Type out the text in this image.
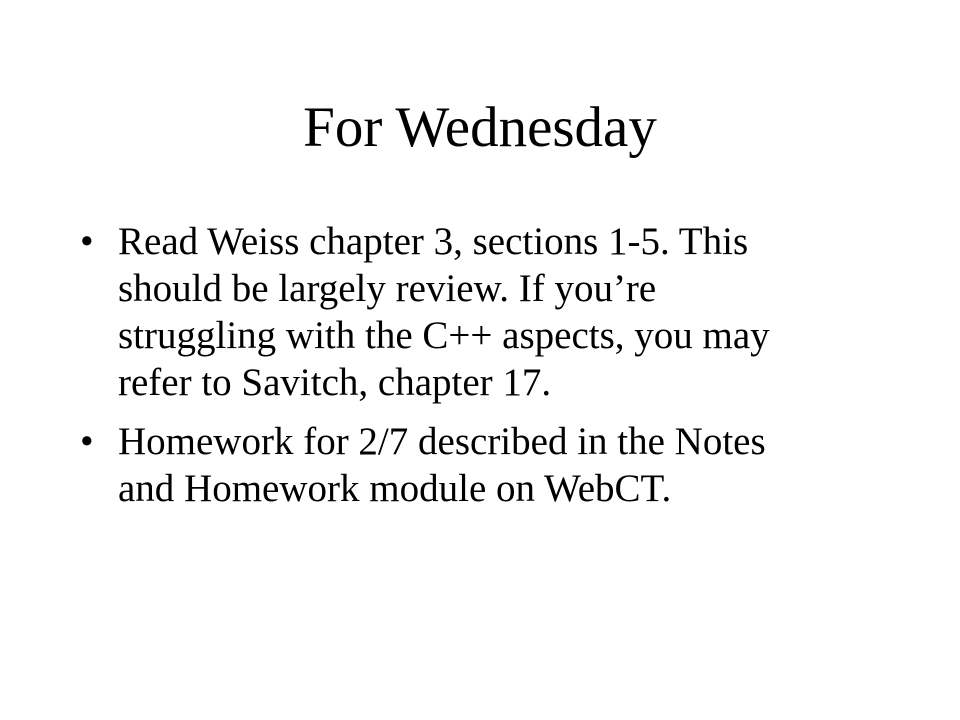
For Wednesday
• Read Weiss chapter 3, sections 1-5. This
should be largely review. If you’re
struggling with the C++ aspects, you may
refer to Savitch, chapter 17.
• Homework for 2/7 described in the Notes
and Homework module on WebCT.
